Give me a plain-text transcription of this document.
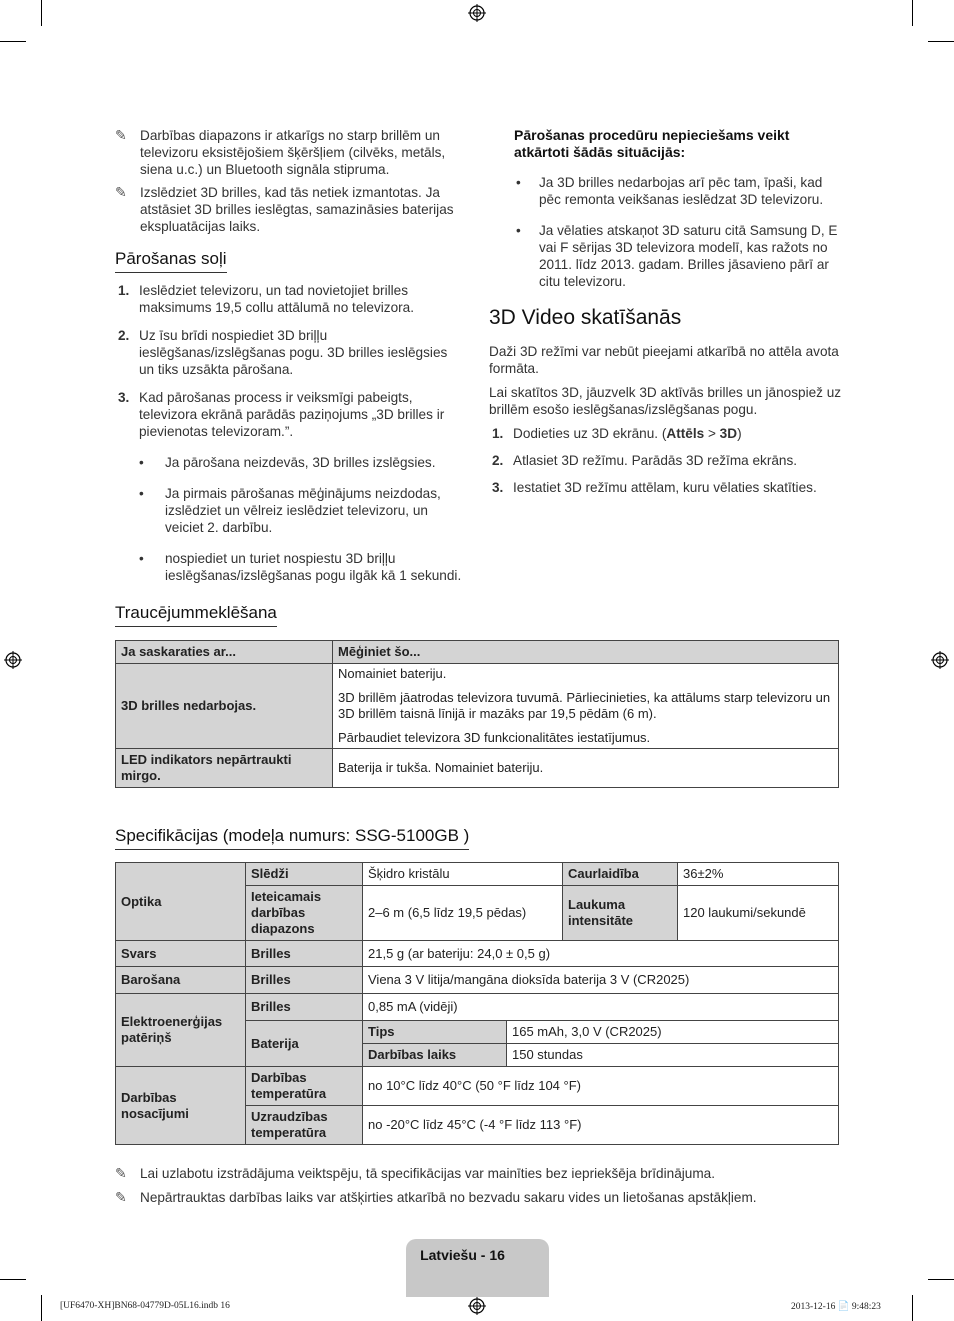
✎ Darbības diapazons ir atkarīgs no starp brillēm un televizoru eksistējošiem šķēršļiem (cilvēks, metāls, siena u.c.) un Bluetooth signāla stipruma.
✎ Izslēdziet 3D brilles, kad tās netiek izmantotas. Ja atstāsiet 3D brilles ieslēgtas, samazināsies baterijas ekspluatācijas laiks.
Pārošanas soļi
1. Ieslēdziet televizoru, un tad novietojiet brilles maksimums 19,5 collu attālumā no televizora.
2. Uz īsu brīdi nospiediet 3D briļļu ieslēgšanas/izslēgšanas pogu. 3D brilles ieslēgsies un tiks uzsākta pārošana.
3. Kad pārošanas process ir veiksmīgi pabeigts, televizora ekrānā parādās paziņojums „3D brilles ir pievienotas televizoram.”.
• Ja pārošana neizdevās, 3D brilles izslēgsies.
• Ja pirmais pārošanas mēģinājums neizdodas, izslēdziet un vēlreiz ieslēdziet televizoru, un veiciet 2. darbību.
• nospiediet un turiet nospiestu 3D briļļu ieslēgšanas/izslēgšanas pogu ilgāk kā 1 sekundi.
Pārošanas procedūru nepieciešams veikt atkārtoti šādās situācijās:
• Ja 3D brilles nedarbojas arī pēc tam, īpaši, kad pēc remonta veikšanas ieslēdzat 3D televizoru.
• Ja vēlaties atskaņot 3D saturu citā Samsung D, E vai F sērijas 3D televizora modelī, kas ražots no 2011. līdz 2013. gadam. Brilles jāsavieno pārī ar citu televizoru.
3D Video skatīšanās
Daži 3D režīmi var nebūt pieejami atkarībā no attēla avota formāta.
Lai skatītos 3D, jāuzvelk 3D aktīvās brilles un jānospiež uz brillēm esošo ieslēgšanas/izslēgšanas pogu.
1. Dodieties uz 3D ekrānu. (Attēls > 3D)
2. Atlasiet 3D režīmu. Parādās 3D režīma ekrāns.
3. Iestatiet 3D režīmu attēlam, kuru vēlaties skatīties.
Traucējummeklēšana
Ja saskaraties ar...	Mēģiniet šo...
3D brilles nedarbojas.	Nomainiet bateriju.
3D brillēm jāatrodas televizora tuvumā. Pārliecinieties, ka attālums starp televizoru un 3D brillēm taisnā līnijā ir mazāks par 19,5 pēdām (6 m).
Pārbaudiet televizora 3D funkcionalitātes iestatījumus.

LED indikators nepārtraukti mirgo.	Baterija ir tukša. Nomainiet bateriju.
Specifikācijas (modeļa numurs: SSG-5100GB )
Optika	Slēdži	Šķidro kristālu		Caurlaidība	36±2%
	Ieteicamais darbības diapazons	2–6 m (6,5 līdz 19,5 pēdas)		Laukuma intensitāte	120 laukumi/sekundē
Svars	Brilles	21,5 g (ar bateriju: 24,0 ± 0,5 g)			
Barošana	Brilles	Viena 3 V litija/mangāna dioksīda baterija 3 V (CR2025)			
Elektroenerģijas patēriņš	Brilles	0,85 mA (vidēji)			
	Baterija	Tips	165 mAh, 3,0 V (CR2025)		
		Darbības laiks	150 stundas		
Darbības nosacījumi	Darbības temperatūra	no 10°C līdz 40°C (50 °F līdz 104 °F)			
	Uzraudzības temperatūra	no -20°C līdz 45°C (-4 °F līdz 113 °F)			
✎ Lai uzlabotu izstrādājuma veiktspēju, tā specifikācijas var mainīties bez iepriekšēja brīdinājuma.
✎ Nepārtrauktas darbības laiks var atšķirties atkarībā no bezvadu sakaru vides un lietošanas apstākļiem.
Latviešu - 16
[UF6470-XH]BN68-04779D-05L16.indb 16	2013-12-16 📄 9:48:23
